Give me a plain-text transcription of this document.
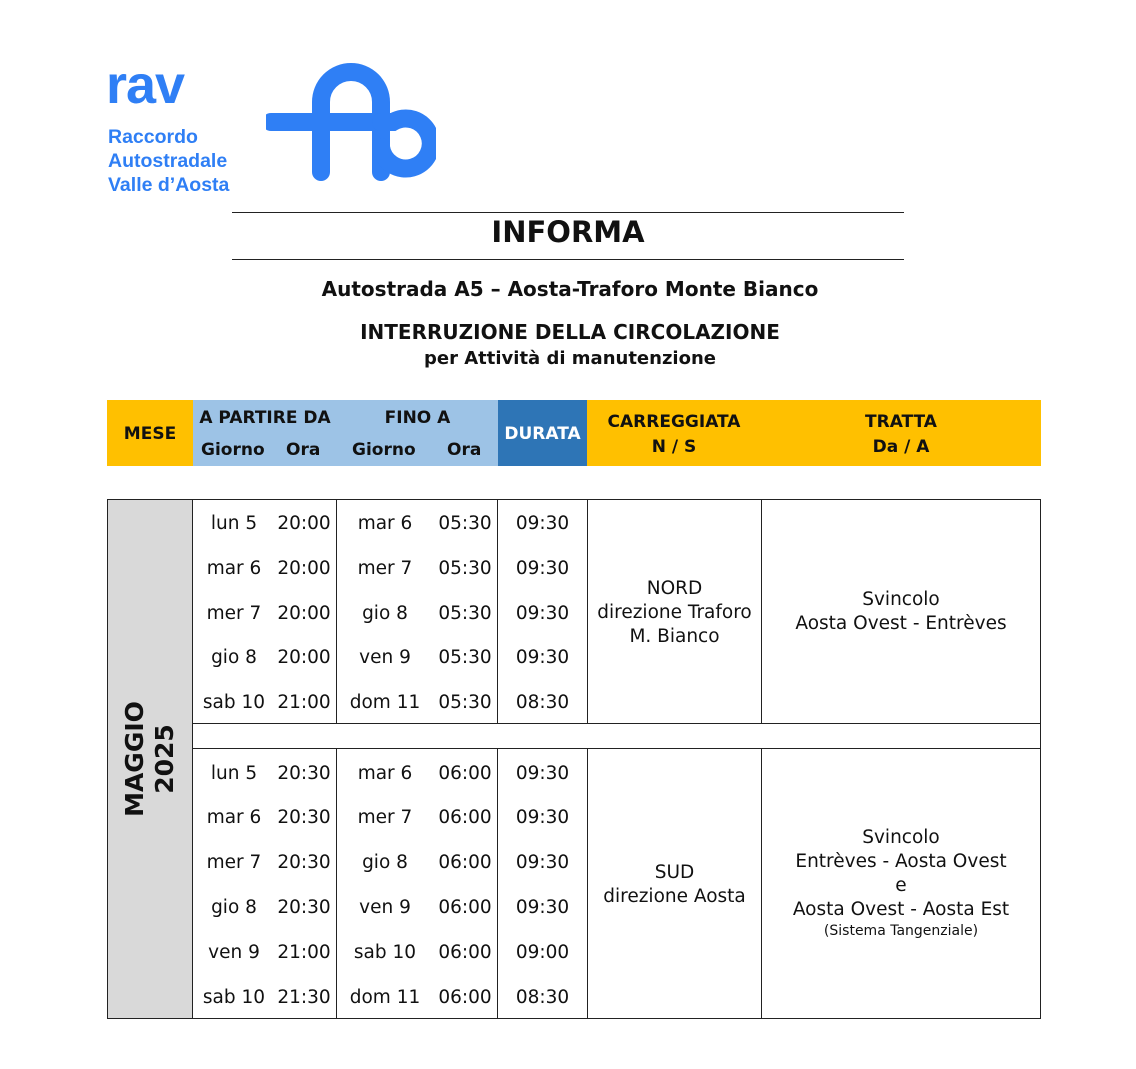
rav
Raccordo
Autostradale
Valle d’Aosta
INFORMA
Autostrada A5 – Aosta-Traforo Monte Bianco
INTERRUZIONE DELLA CIRCOLAZIONE
per Attività di manutenzione
MESE
A PARTIRE DA
Giorno Ora
FINO A
Giorno Ora
DURATA
CARREGGIATA
N / S
TRATTA
Da / A
MAGGIO 2025
lun 5	20:00	mar 6	05:30	09:30
mar 6 20:00	mer 7	05:30	09:30
mer 7 20:00	gio 8	05:30	09:30
gio 8	20:00	ven 9	05:30	09:30
sab 10 21:00	dom 11 05:30	08:30
NORD
direzione Traforo
M. Bianco
Svincolo
Aosta Ovest - Entrèves
lun 5	20:30	mar 6	06:00	09:30
mar 6 20:30	mer 7	06:00	09:30
mer 7 20:30	gio 8	06:00	09:30
gio 8	20:30	ven 9	06:00	09:30
ven 9 21:00	sab 10	06:00	09:00
sab 10 21:30	dom 11 06:00	08:30
SUD
direzione Aosta
Svincolo
Entrèves - Aosta Ovest
e
Aosta Ovest - Aosta Est
(Sistema Tangenziale)
